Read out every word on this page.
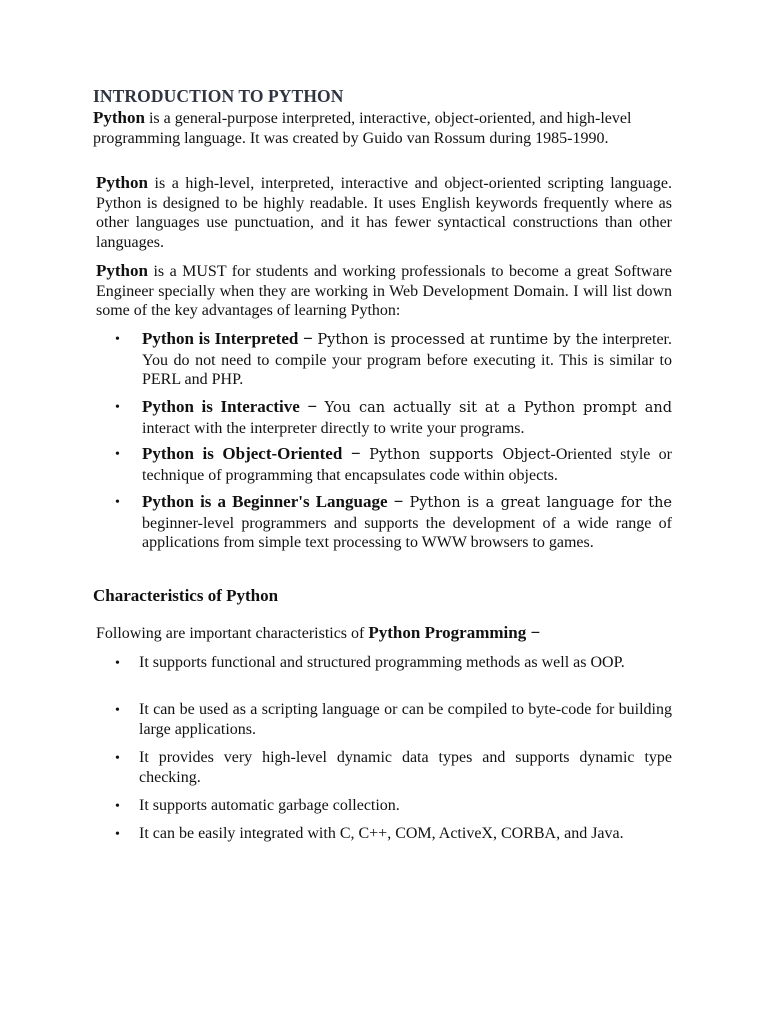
INTRODUCTION TO PYTHON
Python is a general-purpose interpreted, interactive, object-oriented, and high-level programming language. It was created by Guido van Rossum during 1985-1990.
Python is a high-level, interpreted, interactive and object-oriented scripting language. Python is designed to be highly readable. It uses English keywords frequently where as other languages use punctuation, and it has fewer syntactical constructions than other languages.
Python is a MUST for students and working professionals to become a great Software Engineer specially when they are working in Web Development Domain. I will list down some of the key advantages of learning Python:
• Python is Interpreted − Python is processed at runtime by the interpreter. You do not need to compile your program before executing it. This is similar to PERL and PHP.
• Python is Interactive − You can actually sit at a Python prompt and interact with the interpreter directly to write your programs.
• Python is Object-Oriented − Python supports Object-Oriented style or technique of programming that encapsulates code within objects.
• Python is a Beginner's Language − Python is a great language for the beginner-level programmers and supports the development of a wide range of applications from simple text processing to WWW browsers to games.
Characteristics of Python
Following are important characteristics of Python Programming −
• It supports functional and structured programming methods as well as OOP.
• It can be used as a scripting language or can be compiled to byte-code for building large applications.
• It provides very high-level dynamic data types and supports dynamic type checking.
• It supports automatic garbage collection.
• It can be easily integrated with C, C++, COM, ActiveX, CORBA, and Java.
